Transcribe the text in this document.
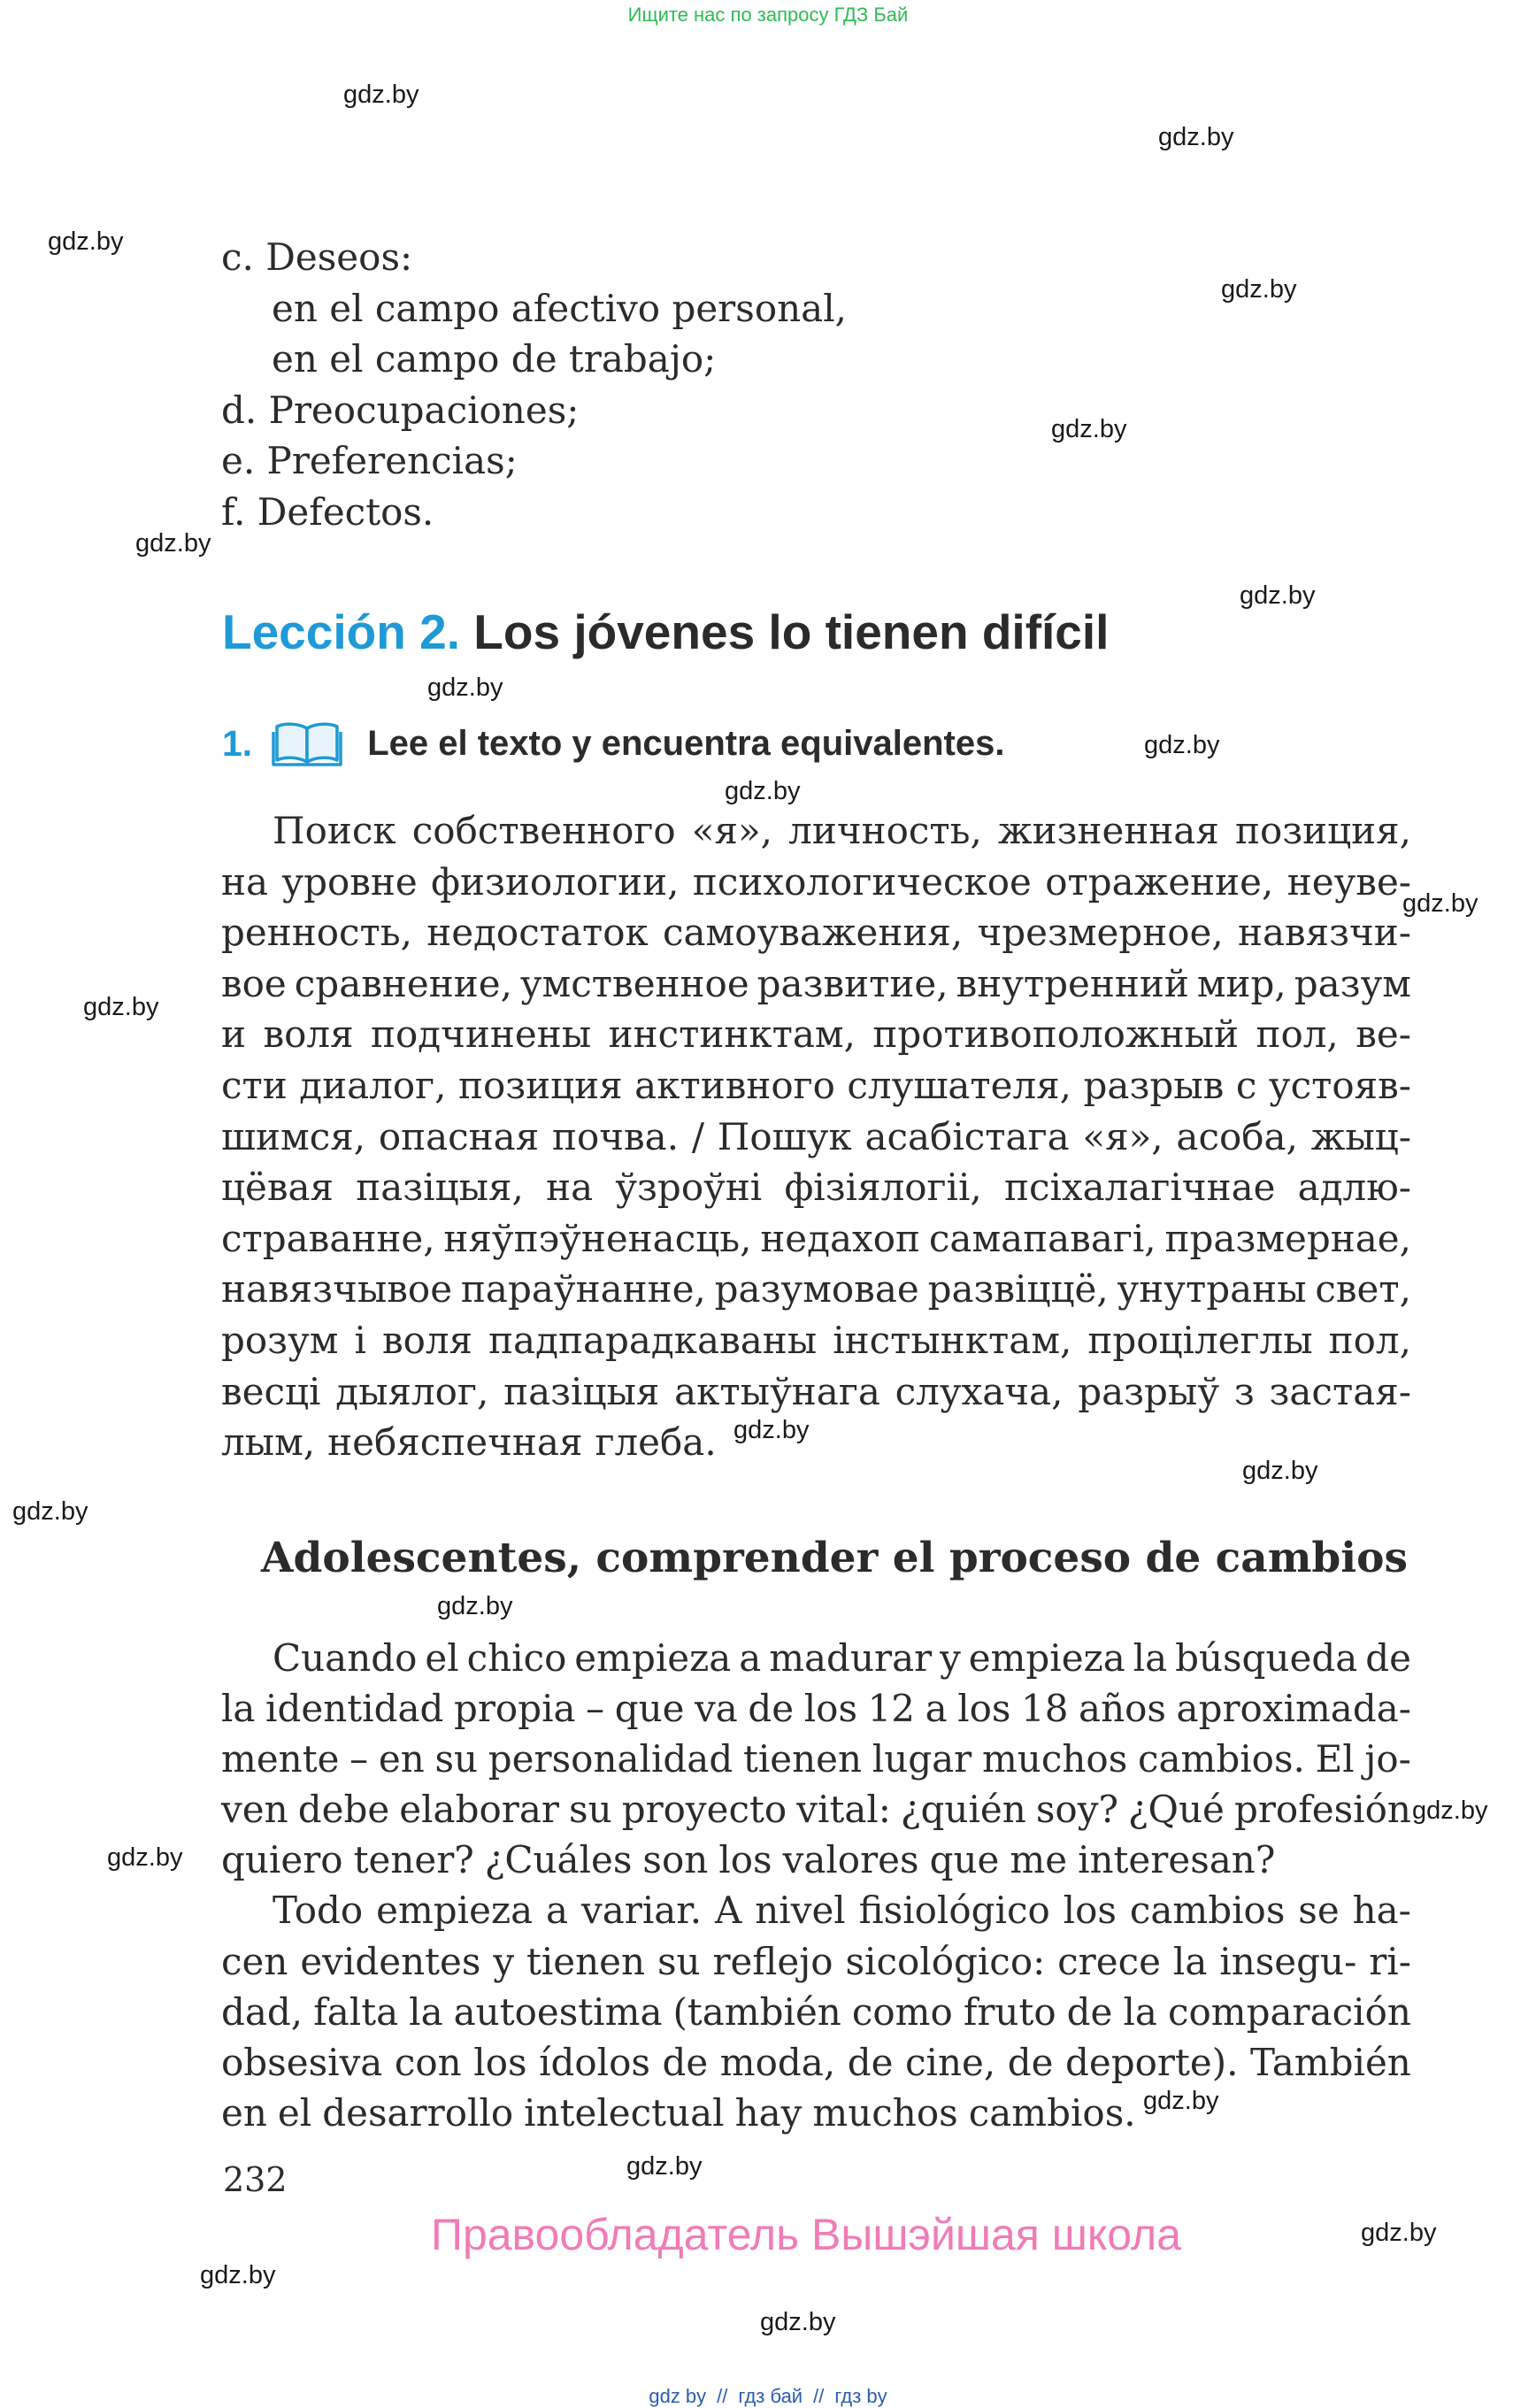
Ищите нас по запросу ГДЗ Бай
gdz.by
gdz.by
gdz.by
gdz.by
gdz.by
gdz.by
gdz.by
gdz.by
gdz.by
gdz.by
gdz.by
gdz.by
gdz.by
gdz.by
gdz.by
gdz.by
gdz.by
gdz.by
gdz.by
gdz.by
gdz.by
gdz.by
gdz.by
c. Deseos:
en el campo afectivo personal,
en el campo de trabajo;
d. Preocupaciones;
e. Preferencias;
f. Defectos.
Lección 2. Los jóvenes lo tienen difícil
1.	Lee el texto y encuentra equivalentes.
Поиск собственного «я», личность, жизненная позиция,
на уровне физиологии, психологическое отражение, неуве-
ренность, недостаток самоуважения, чрезмерное, навязчи-
вое сравнение, умственное развитие, внутренний мир, разум
и воля подчинены инстинктам, противоположный пол, ве-
сти диалог, позиция активного слушателя, разрыв с устояв-
шимся, опасная почва. / Пошук асабістага «я», асоба, жыц-
цёвая пазіцыя, на ўзроўні фізіялогіі, псіхалагічнае адлю-
страванне, няўпэўненасць, недахоп самапавагі, празмернае,
навязчывое параўнанне, разумовае развіццё, унутраны свет,
розум і воля падпарадкаваны інстынктам, процілеглы пол,
весці дыялог, пазіцыя актыўнага слухача, разрыў з застая-
лым, небяспечная глеба.
Adolescentes, comprender el proceso de cambios
Cuando el chico empieza a madurar y empieza la búsqueda de
la identidad propia – que va de los 12 a los 18 años aproximada-
mente – en su personalidad tienen lugar muchos cambios. El jo-
ven debe elaborar su proyecto vital: ¿quién soy? ¿Qué profesión
quiero tener? ¿Cuáles son los valores que me interesan?
Todo empieza a variar. A nivel fisiológico los cambios se ha-
cen evidentes y tienen su reflejo sicológico: crece la insegu- ri-
dad, falta la autoestima (también como fruto de la comparación
obsesiva con los ídolos de moda, de cine, de deporte). También
en el desarrollo intelectual hay muchos cambios.
232
Правообладатель Вышэйшая школа
gdz by // гдз бай // гдз by
